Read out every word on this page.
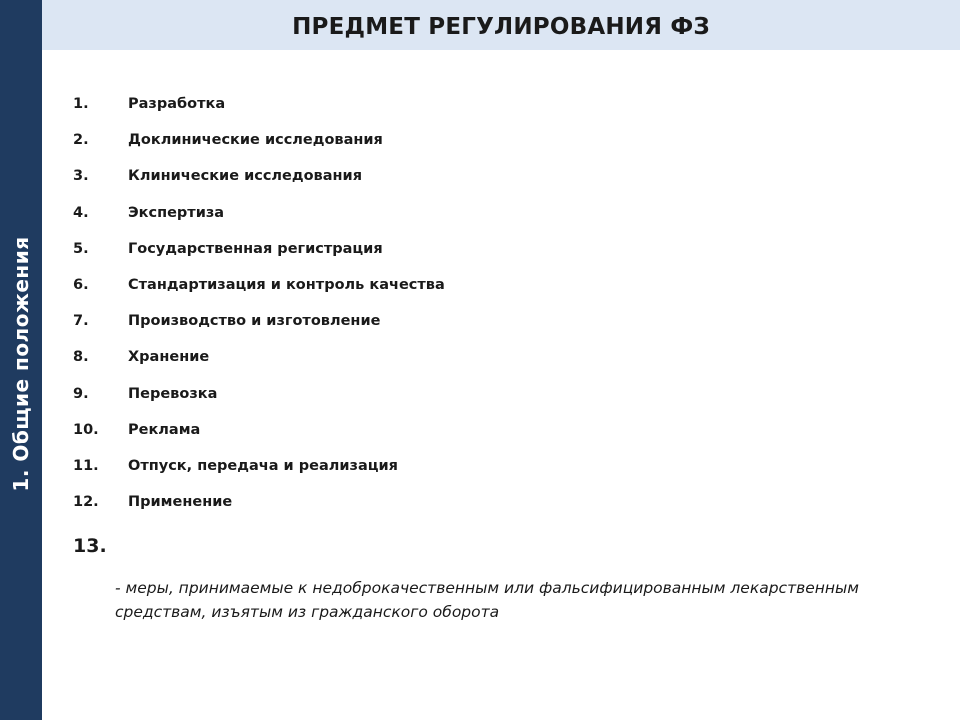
1. Общие положения
ПРЕДМЕТ РЕГУЛИРОВАНИЯ ФЗ
1.	Разработка
2.	Доклинические исследования
3.	Клинические исследования
4.	Экспертиза
5.	Государственная регистрация
6.	Стандартизация и контроль качества
7.	Производство и изготовление
8.	Хранение
9.	Перевозка
10.	Реклама
11.	Отпуск, передача и реализация
12.	Применение
13.
- меры, принимаемые к недоброкачественным или фальсифицированным лекарственным средствам, изъятым из гражданского оборота
